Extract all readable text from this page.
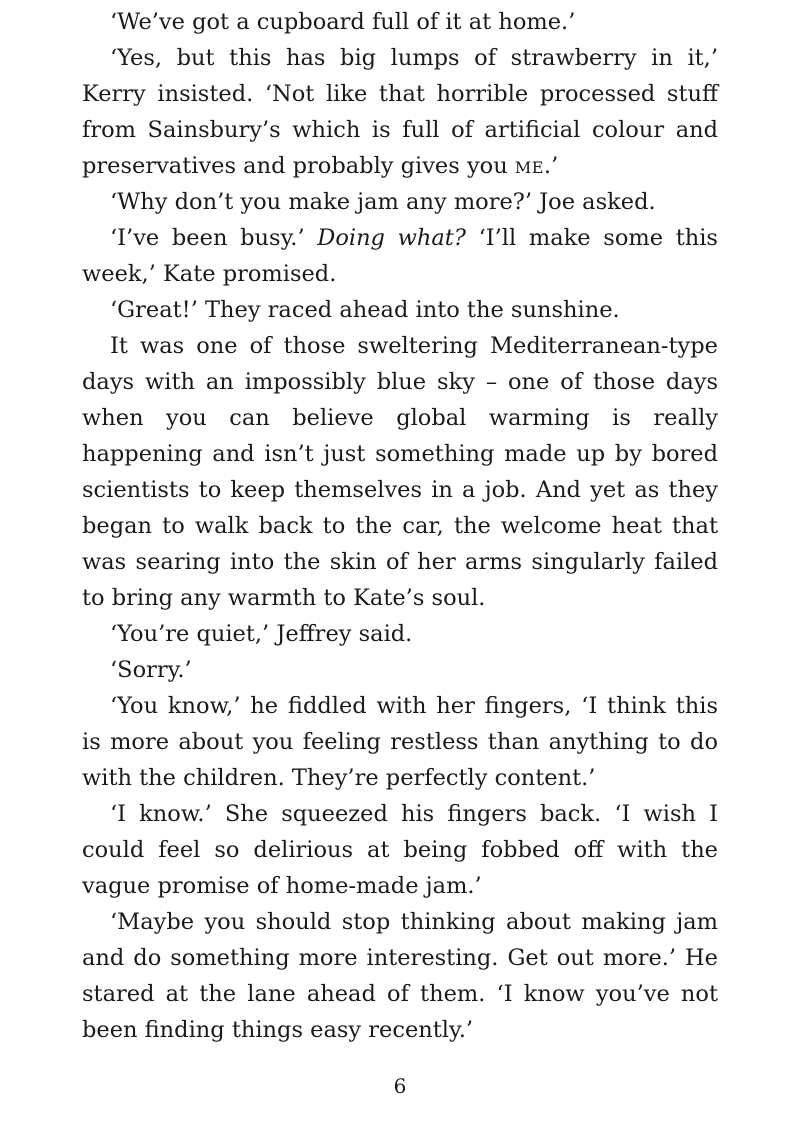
‘We’ve got a cupboard full of it at home.’

‘Yes, but this has big lumps of strawberry in it,’ Kerry insisted. ‘Not like that horrible processed stuff from Sainsbury’s which is full of artificial colour and preservatives and probably gives you me.’

‘Why don’t you make jam any more?’ Joe asked.

‘I’ve been busy.’ Doing what? ‘I’ll make some this week,’ Kate promised.

‘Great!’ They raced ahead into the sunshine.

It was one of those sweltering Mediterranean-type days with an impossibly blue sky – one of those days when you can believe global warming is really happening and isn’t just something made up by bored scientists to keep themselves in a job. And yet as they began to walk back to the car, the welcome heat that was searing into the skin of her arms singularly failed to bring any warmth to Kate’s soul.

‘You’re quiet,’ Jeffrey said.

‘Sorry.’

‘You know,’ he fiddled with her fingers, ‘I think this is more about you feeling restless than anything to do with the children. They’re perfectly content.’

‘I know.’ She squeezed his fingers back. ‘I wish I could feel so delirious at being fobbed off with the vague promise of home-made jam.’

‘Maybe you should stop thinking about making jam and do something more interesting. Get out more.’ He stared at the lane ahead of them. ‘I know you’ve not been finding things easy recently.’

6
